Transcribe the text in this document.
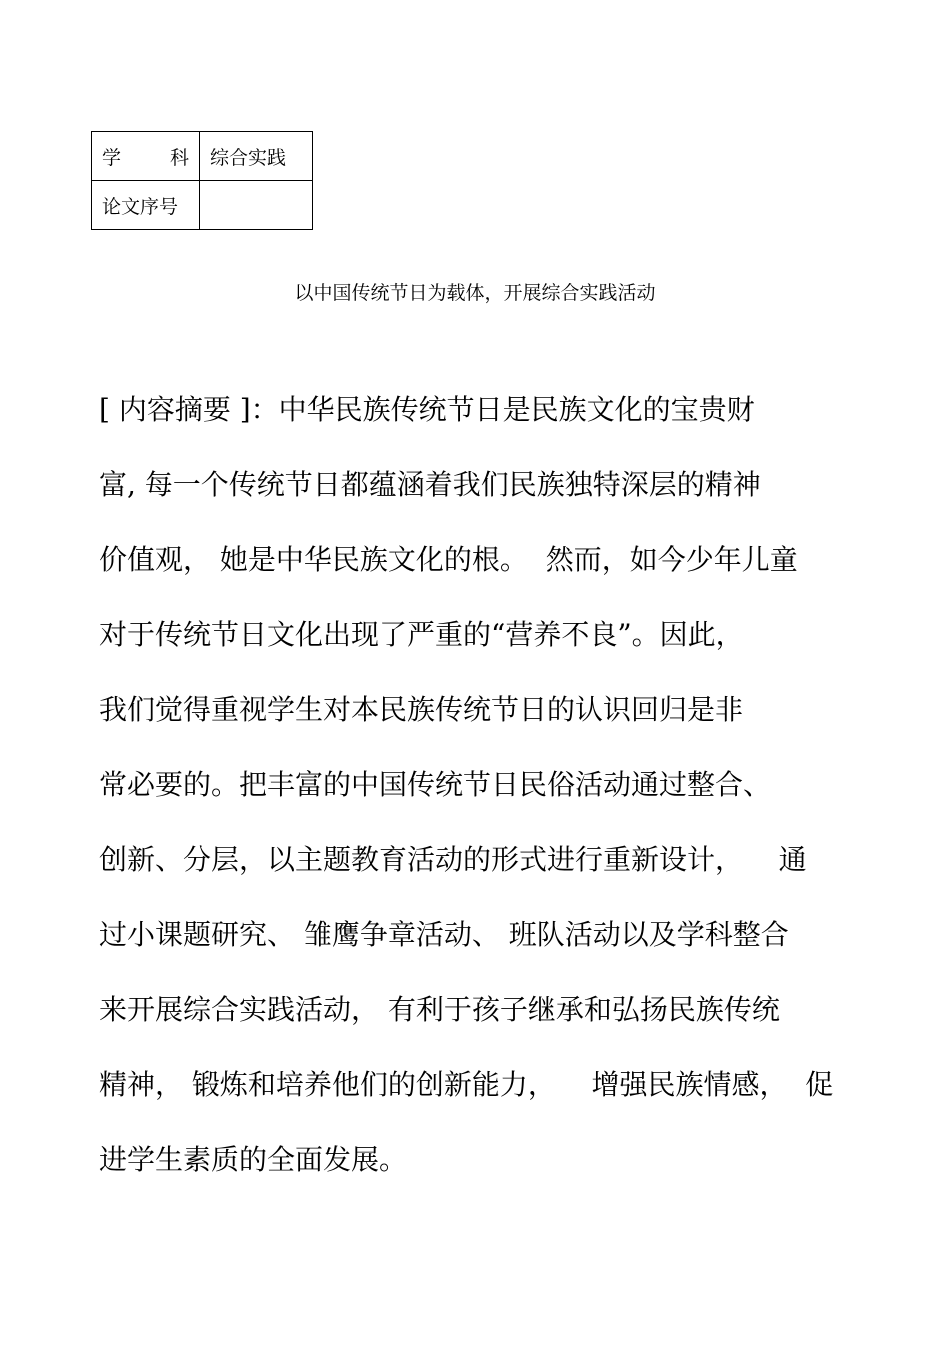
学 科	综合实践
论文序号	
以中国传统节日为载体，开展综合实践活动
[ 内容摘要 ]：中华民族传统节日是民族文化的宝贵财
富, 每一个传统节日都蕴涵着我们民族独特深层的精神
价值观， 她是中华民族文化的根。  然而，如今少年儿童
对于传统节日文化出现了严重的“营养不良”。因此，
我们觉得重视学生对本民族传统节日的认识回归是非
常必要的。把丰富的中国传统节日民俗活动通过整合、
创新、分层，以主题教育活动的形式进行重新设计，    通
过小课题研究、 雏鹰争章活动、 班队活动以及学科整合
来开展综合实践活动， 有利于孩子继承和弘扬民族传统
精神， 锻炼和培养他们的创新能力，    增强民族情感，  促
进学生素质的全面发展。
